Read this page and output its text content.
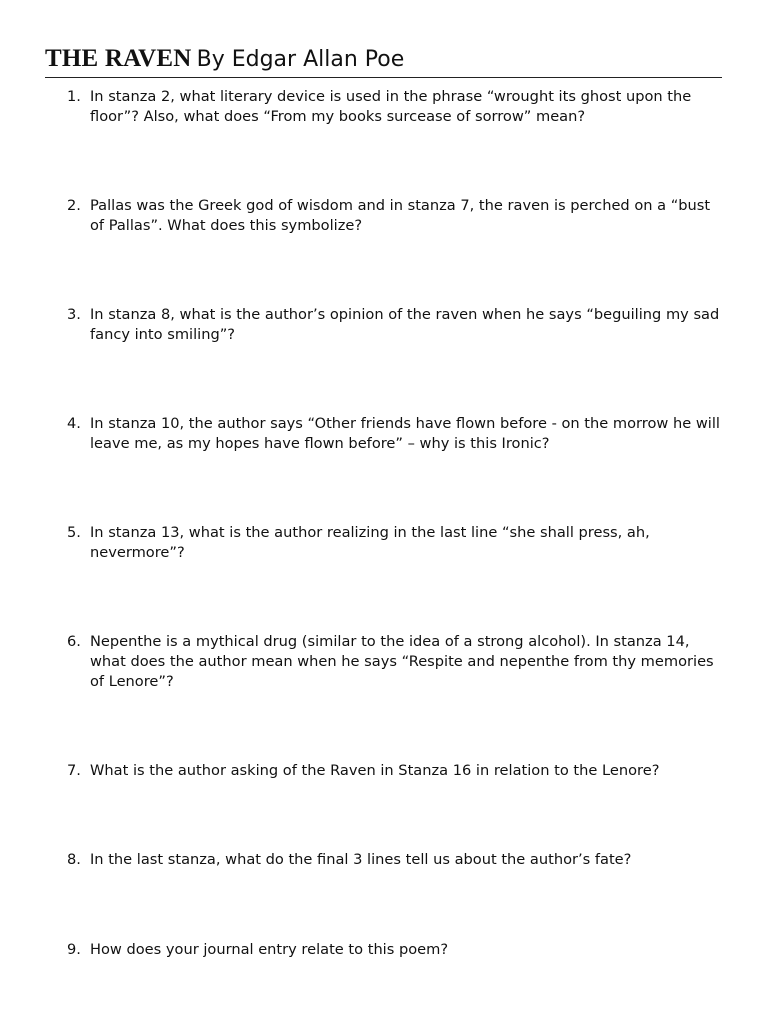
THE RAVEN By Edgar Allan Poe
1. In stanza 2, what literary device is used in the phrase “wrought its ghost upon the floor”? Also, what does “From my books surcease of sorrow” mean?
2. Pallas was the Greek god of wisdom and in stanza 7, the raven is perched on a “bust of Pallas”. What does this symbolize?
3. In stanza 8, what is the author’s opinion of the raven when he says “beguiling my sad fancy into smiling”?
4. In stanza 10, the author says “Other friends have flown before - on the morrow he will leave me, as my hopes have flown before” – why is this Ironic?
5. In stanza 13, what is the author realizing in the last line “she shall press, ah, nevermore”?
6. Nepenthe is a mythical drug (similar to the idea of a strong alcohol). In stanza 14, what does the author mean when he says “Respite and nepenthe from thy memories of Lenore”?
7. What is the author asking of the Raven in Stanza 16 in relation to the Lenore?
8. In the last stanza, what do the final 3 lines tell us about the author’s fate?
9. How does your journal entry relate to this poem?
